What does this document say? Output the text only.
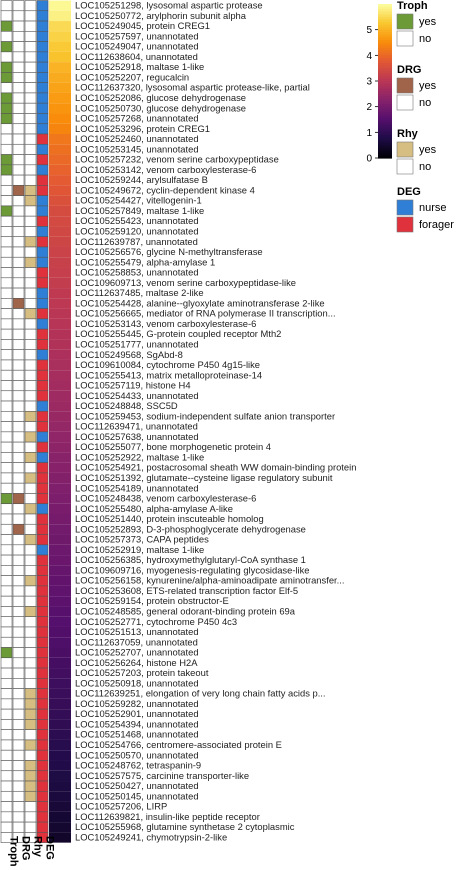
LOC105251298, lysosomal aspartic protease
LOC105250772, arylphorin subunit alpha
LOC105249045, protein CREG1
LOC105257597, unannotated
LOC105249047, unannotated
LOC112638604, unannotated
LOC105252918, maltase 1-like
LOC105252207, regucalcin
LOC112637320, lysosomal aspartic protease-like, partial
LOC105252086, glucose dehydrogenase
LOC105250730, glucose dehydrogenase
LOC105257268, unannotated
LOC105253296, protein CREG1
LOC105252460, unannotated
LOC105253145, unannotated
LOC105257232, venom serine carboxypeptidase
LOC105253142, venom carboxylesterase-6
LOC105259244, arylsulfatase B
LOC105249672, cyclin-dependent kinase 4
LOC105254427, vitellogenin-1
LOC105257849, maltase 1-like
LOC105255423, unannotated
LOC105259120, unannotated
LOC112639787, unannotated
LOC105256576, glycine N-methyltransferase
LOC105255479, alpha-amylase 1
LOC105258853, unannotated
LOC109609713, venom serine carboxypeptidase-like
LOC112637485, maltase 2-like
LOC105254428, alanine--glyoxylate aminotransferase 2-like
LOC105256665, mediator of RNA polymerase II transcription...
LOC105253143, venom carboxylesterase-6
LOC105255445, G-protein coupled receptor Mth2
LOC105251777, unannotated
LOC105249568, SgAbd-8
LOC109610084, cytochrome P450 4g15-like
LOC105255413, matrix metalloproteinase-14
LOC105257119, histone H4
LOC105254433, unannotated
LOC105248848, SSC5D
LOC105259453, sodium-independent sulfate anion transporter
LOC112639471, unannotated
LOC105257638, unannotated
LOC105255077, bone morphogenetic protein 4
LOC105252922, maltase 1-like
LOC105254921, postacrosomal sheath WW domain-binding protein
LOC105251392, glutamate--cysteine ligase regulatory subunit
LOC105254189, unannotated
LOC105248438, venom carboxylesterase-6
LOC105255480, alpha-amylase A-like
LOC105251440, protein inscuteable homolog
LOC105252893, D-3-phosphoglycerate dehydrogenase
LOC105257373, CAPA peptides
LOC105252919, maltase 1-like
LOC105256385, hydroxymethylglutaryl-CoA synthase 1
LOC109609716, myogenesis-regulating glycosidase-like
LOC105256158, kynurenine/alpha-aminoadipate aminotransfer...
LOC105253608, ETS-related transcription factor Elf-5
LOC105259154, protein obstructor-E
LOC105248585, general odorant-binding protein 69a
LOC105252771, cytochrome P450 4c3
LOC105251513, unannotated
LOC112637059, unannotated
LOC105252707, unannotated
LOC105256264, histone H2A
LOC105257203, protein takeout
LOC105250918, unannotated
LOC112639251, elongation of very long chain fatty acids p...
LOC105259282, unannotated
LOC105252901, unannotated
LOC105254394, unannotated
LOC105251468, unannotated
LOC105254766, centromere-associated protein E
LOC105250570, unannotated
LOC105248762, tetraspanin-9
LOC105257575, carcinine transporter-like
LOC105250427, unannotated
LOC105250145, unannotated
LOC105257206, LIRP
LOC112639821, insulin-like peptide receptor
LOC105255968, glutamine synthetase 2 cytoplasmic
LOC105249241, chymotrypsin-2-like
Troph DRG Rhy DEG
0
1
2
3
4
5
Troph
yes
no
DRG
yes
no
Rhy
yes
no
DEG
nurse
forager
